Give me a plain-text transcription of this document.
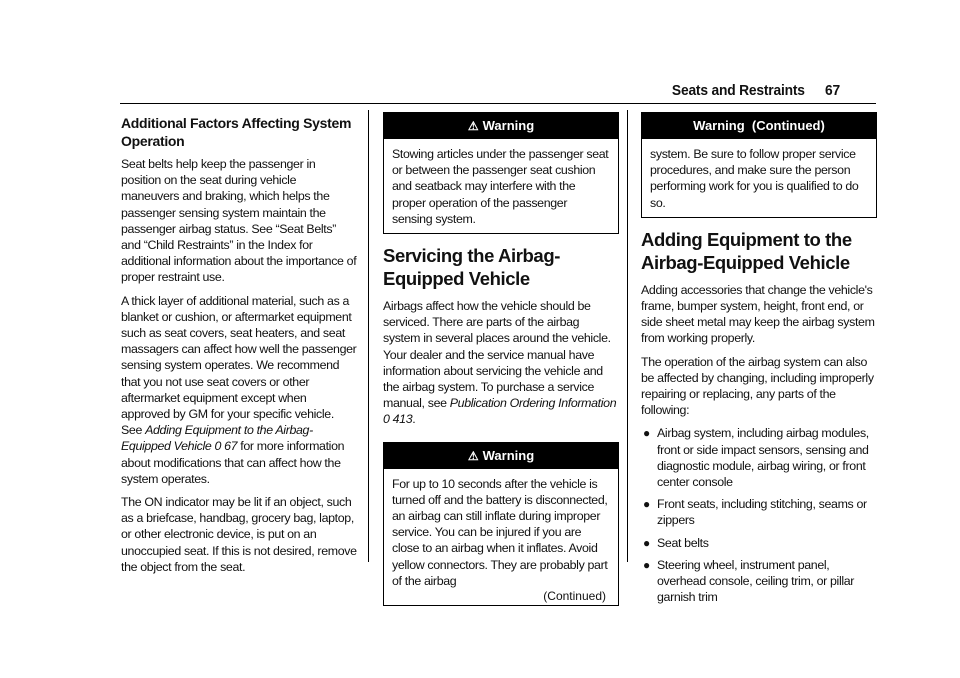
Seats and Restraints 67
Additional Factors Affecting System Operation

Seat belts help keep the passenger in position on the seat during vehicle maneuvers and braking, which helps the passenger sensing system maintain the passenger airbag status. See “Seat Belts” and “Child Restraints” in the Index for additional information about the importance of proper restraint use.

A thick layer of additional material, such as a blanket or cushion, or aftermarket equipment such as seat covers, seat heaters, and seat massagers can affect how well the passenger sensing system operates. We recommend that you not use seat covers or other aftermarket equipment except when approved by GM for your specific vehicle. See Adding Equipment to the Airbag-Equipped Vehicle 0 67 for more information about modifications that can affect how the system operates.

The ON indicator may be lit if an object, such as a briefcase, handbag, grocery bag, laptop, or other electronic device, is put on an unoccupied seat. If this is not desired, remove the object from the seat.

⚠ Warning

Stowing articles under the passenger seat or between the passenger seat cushion and seatback may interfere with the proper operation of the passenger sensing system.

Servicing the Airbag-Equipped Vehicle

Airbags affect how the vehicle should be serviced. There are parts of the airbag system in several places around the vehicle. Your dealer and the service manual have information about servicing the vehicle and the airbag system. To purchase a service manual, see Publication Ordering Information 0 413.

⚠ Warning

For up to 10 seconds after the vehicle is turned off and the battery is disconnected, an airbag can still inflate during improper service. You can be injured if you are close to an airbag when it inflates. Avoid yellow connectors. They are probably part of the airbag

(Continued)
Warning  (Continued)

system. Be sure to follow proper service procedures, and make sure the person performing work for you is qualified to do so.

Adding Equipment to the Airbag-Equipped Vehicle

Adding accessories that change the vehicle's frame, bumper system, height, front end, or side sheet metal may keep the airbag system from working properly.

The operation of the airbag system can also be affected by changing, including improperly repairing or replacing, any parts of the following:

● Airbag system, including airbag modules, front or side impact sensors, sensing and diagnostic module, airbag wiring, or front center console
● Front seats, including stitching, seams or zippers
● Seat belts
● Steering wheel, instrument panel, overhead console, ceiling trim, or pillar garnish trim
